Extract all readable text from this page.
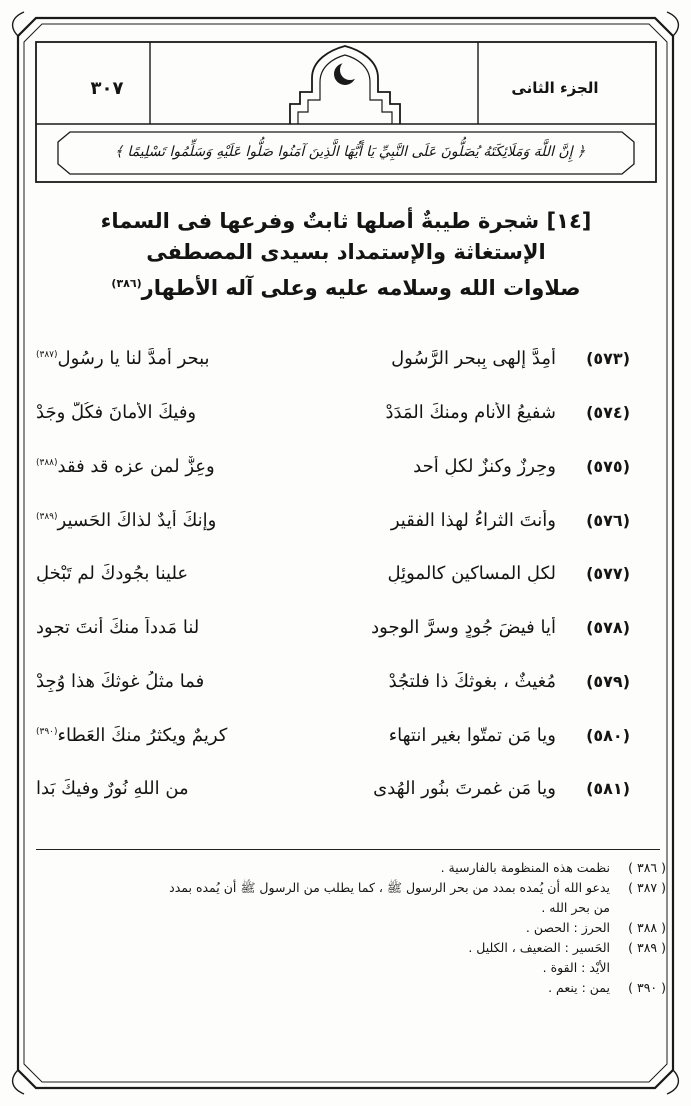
الجزء الثانى
٣٠٧
﴿ إِنَّ اللَّهَ وَمَلَائِكَتَهُ يُصَلُّونَ عَلَى النَّبِيِّ يَا أَيُّهَا الَّذِينَ آمَنُوا صَلُّوا عَلَيْهِ وَسَلِّمُوا تَسْلِيمًا ﴾
[١٤] شجرة طيبةٌ أصلها ثابتٌ وفرعها فى السماء
الإستغاثة والإستمداد بسيدى المصطفى
صلاوات الله وسلامه عليه وعلى آله الأطهار$^{(٣٨٦)}$
(٥٧٣)
أمِدَّ إلهى بِبحرِ الرَّسُول
ببحرِ أمدَّ لنا يا رسُول$^{(٣٨٧)}$
(٥٧٤)
شفيعُ الأنامِ ومنكَ المَدَدْ
وفيكَ الأمانَ فكُلٌّ وجَدْ
(٥٧٥)
وحِرزٌ وكنزٌ لكلِ أحد
وعِزٌّ لمن عزه قد فقد$^{(٣٨٨)}$
(٥٧٦)
وأنتَ الثراءُ لهذا الفقير
وإنكَ أيدٌ لذاكَ الحَسير$^{(٣٨٩)}$
(٥٧٧)
لكلِ المساكينِ كالموئِلِ
علينا بجُودكَ لم تَبْخلِ
(٥٧٨)
أيا فيضَ جُودٍ وسرَّ الوجود
لنا مَدداً منكَ أنتَ تجود
(٥٧٩)
مُغيثٌ ، بغوثكَ ذا فلتجُدْ
فما مثلُ غوثكَ هذا وُجِدْ
(٥٨٠)
ويا مَن تمتّوا بغيرِ انتهاء
كريمٌ ويكثرُ منكَ العَطاء$^{(٣٩٠)}$
(٥٨١)
ويا مَن غمرتَ بنُورِ الهُدى
من اللهِ نُورٌ وفيكَ بَدا
( ٣٨٦ )
نظمت هذه المنظومة بالفارسية .
( ٣٨٧ )
يدعو الله أن يُمده بمدد من بحر الرسول ﷺ ، كما يطلب من الرسول ﷺ أن يُمده بمدد
من بحر الله .
( ٣٨٨ )
الحرز : الحصن .
( ٣٨٩ )
الحَسير : الضعيف ، الكليل .
الأيْد : القوة .
( ٣٩٠ )
يمن : ينعم .
